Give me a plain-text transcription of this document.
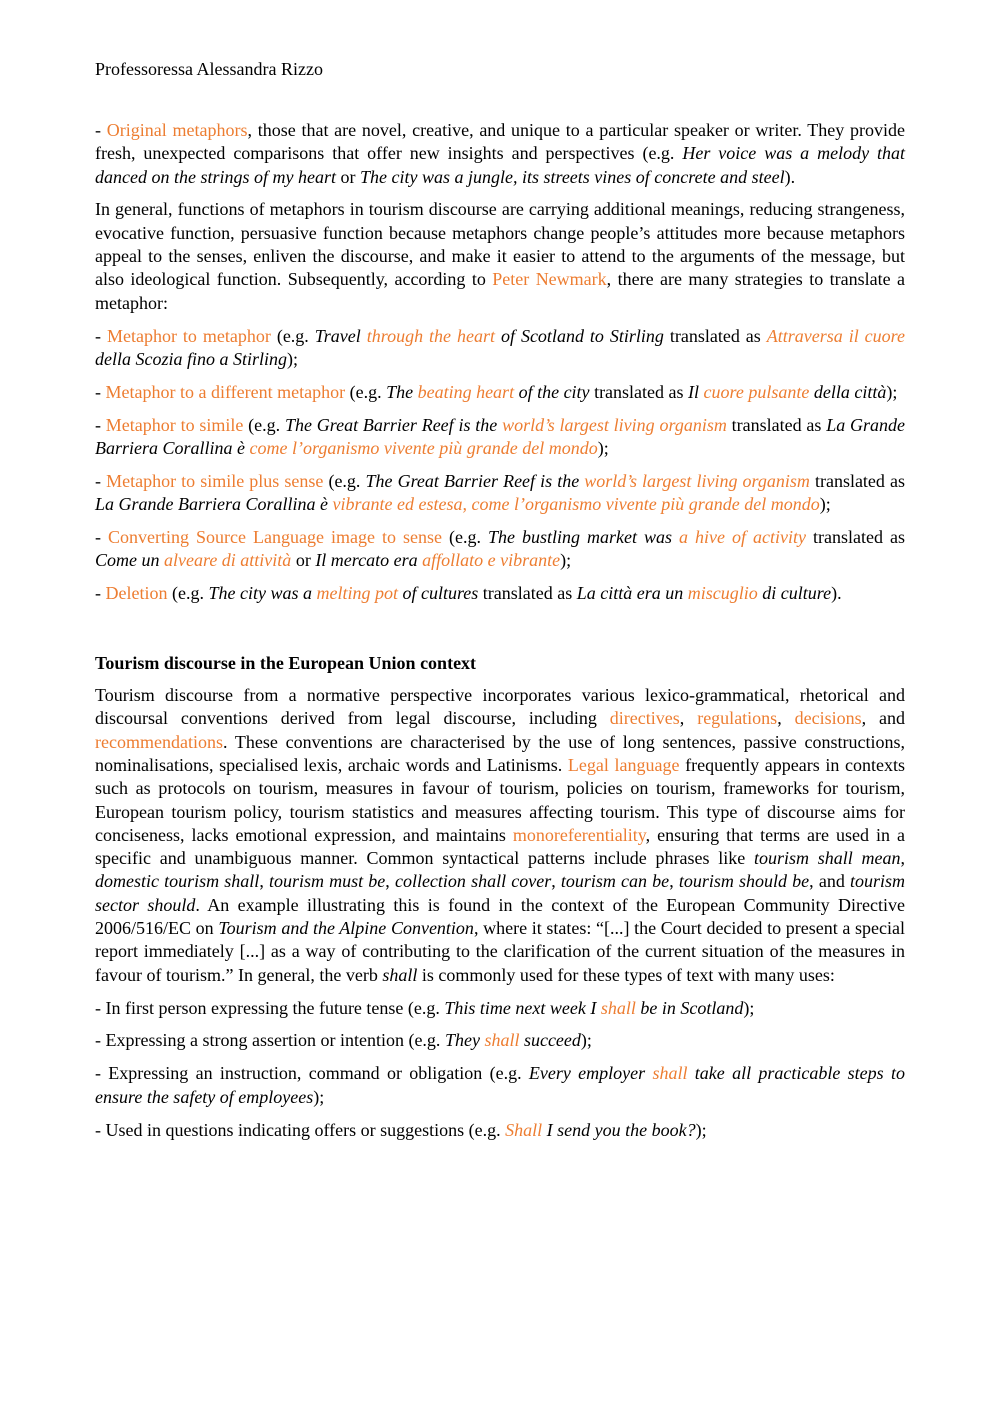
Professoressa Alessandra Rizzo

- Original metaphors, those that are novel, creative, and unique to a particular speaker or writer. They provide fresh, unexpected comparisons that offer new insights and perspectives (e.g. Her voice was a melody that danced on the strings of my heart or The city was a jungle, its streets vines of concrete and steel).

In general, functions of metaphors in tourism discourse are carrying additional meanings, reducing strangeness, evocative function, persuasive function because metaphors change people’s attitudes more because metaphors appeal to the senses, enliven the discourse, and make it easier to attend to the arguments of the message, but also ideological function. Subsequently, according to Peter Newmark, there are many strategies to translate a metaphor:

- Metaphor to metaphor (e.g. Travel through the heart of Scotland to Stirling translated as Attraversa il cuore della Scozia fino a Stirling);

- Metaphor to a different metaphor (e.g. The beating heart of the city translated as Il cuore pulsante della città);

- Metaphor to simile (e.g. The Great Barrier Reef is the world’s largest living organism translated as La Grande Barriera Corallina è come l’organismo vivente più grande del mondo);

- Metaphor to simile plus sense (e.g. The Great Barrier Reef is the world’s largest living organism translated as La Grande Barriera Corallina è vibrante ed estesa, come l’organismo vivente più grande del mondo);

- Converting Source Language image to sense (e.g. The bustling market was a hive of activity translated as Come un alveare di attività or Il mercato era affollato e vibrante);

- Deletion (e.g. The city was a melting pot of cultures translated as La città era un miscuglio di culture).

Tourism discourse in the European Union context

Tourism discourse from a normative perspective incorporates various lexico-grammatical, rhetorical and discoursal conventions derived from legal discourse, including directives, regulations, decisions, and recommendations. These conventions are characterised by the use of long sentences, passive constructions, nominalisations, specialised lexis, archaic words and Latinisms. Legal language frequently appears in contexts such as protocols on tourism, measures in favour of tourism, policies on tourism, frameworks for tourism, European tourism policy, tourism statistics and measures affecting tourism. This type of discourse aims for conciseness, lacks emotional expression, and maintains monoreferentiality, ensuring that terms are used in a specific and unambiguous manner. Common syntactical patterns include phrases like tourism shall mean, domestic tourism shall, tourism must be, collection shall cover, tourism can be, tourism should be, and tourism sector should. An example illustrating this is found in the context of the European Community Directive 2006/516/EC on Tourism and the Alpine Convention, where it states: “[...] the Court decided to present a special report immediately [...] as a way of contributing to the clarification of the current situation of the measures in favour of tourism.” In general, the verb shall is commonly used for these types of text with many uses:

- In first person expressing the future tense (e.g. This time next week I shall be in Scotland);

- Expressing a strong assertion or intention (e.g. They shall succeed);

- Expressing an instruction, command or obligation (e.g. Every employer shall take all practicable steps to ensure the safety of employees);

- Used in questions indicating offers or suggestions (e.g. Shall I send you the book?);
